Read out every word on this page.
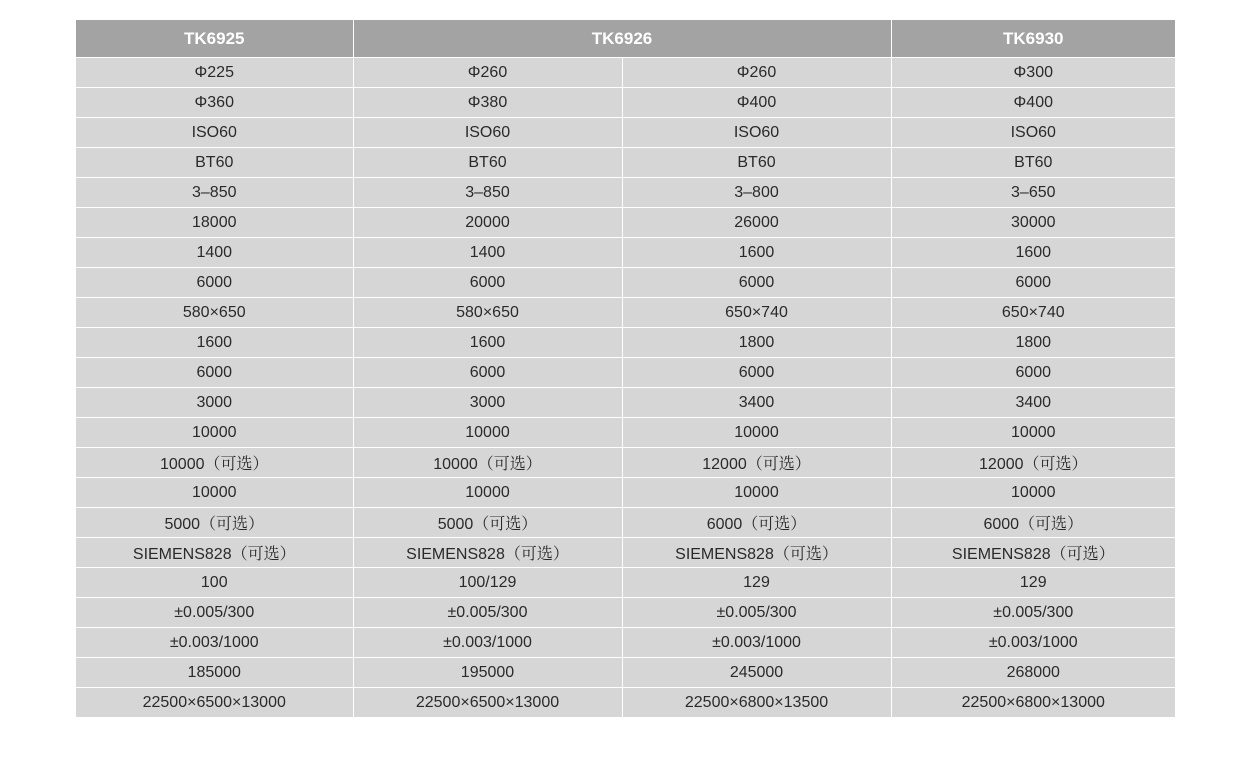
TK6925	TK6926		TK6930
Φ225	Φ260	Φ260	Φ300
Φ360	Φ380	Φ400	Φ400
ISO60	ISO60	ISO60	ISO60
BT60	BT60	BT60	BT60
3–850	3–850	3–800	3–650
18000	20000	26000	30000
1400	1400	1600	1600
6000	6000	6000	6000
580×650	580×650	650×740	650×740
1600	1600	1800	1800
6000	6000	6000	6000
3000	3000	3400	3400
10000	10000	10000	10000
10000（可选）	10000（可选）	12000（可选）	12000（可选）
10000	10000	10000	10000
5000（可选）	5000（可选）	6000（可选）	6000（可选）
SIEMENS828（可选）	SIEMENS828（可选）	SIEMENS828（可选）	SIEMENS828（可选）
100	100/129	129	129
±0.005/300	±0.005/300	±0.005/300	±0.005/300
±0.003/1000	±0.003/1000	±0.003/1000	±0.003/1000
185000	195000	245000	268000
22500×6500×13000	22500×6500×13000	22500×6800×13500	22500×6800×13000
